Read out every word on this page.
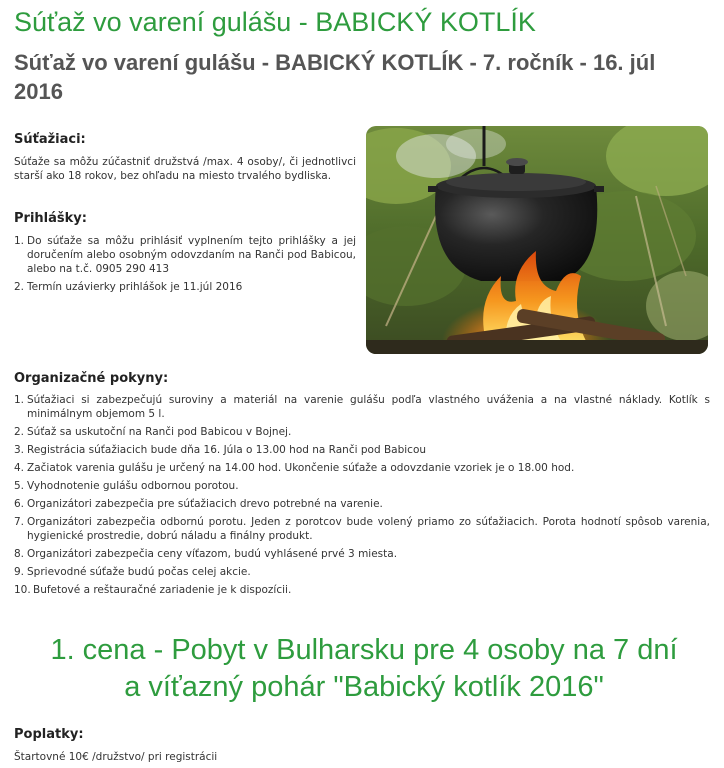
Súťaž vo varení gulášu - BABICKÝ KOTLÍK
Súťaž vo varení gulášu - BABICKÝ KOTLÍK - 7. ročník - 16. júl 2016
Súťažiaci:

Súťaže sa môžu zúčastniť družstvá /max. 4 osoby/, či jednotlivci starší ako 18 rokov, bez ohľadu na miesto trvalého bydliska.

Prihlášky:
1. Do súťaže sa môžu prihlásiť vyplnením tejto prihlášky a jej doručením alebo osobným odovzdaním na Ranči pod Babicou, alebo na t.č. 0905 290 413
2. Termín uzávierky prihlášok je 11.júl 2016
Organizačné pokyny:
1. Súťažiaci si zabezpečujú suroviny a materiál na varenie gulášu podľa vlastného uváženia a na vlastné náklady. Kotlík s minimálnym objemom 5 l.
2. Súťaž sa uskutoční na Ranči pod Babicou v Bojnej.
3. Registrácia súťažiacich bude dňa 16. Júla o 13.00 hod na Ranči pod Babicou
4. Začiatok varenia gulášu je určený na 14.00 hod. Ukončenie súťaže a odovzdanie vzoriek je o 18.00 hod.
5. Vyhodnotenie gulášu odbornou porotou.
6. Organizátori zabezpečia pre súťažiacich drevo potrebné na varenie.
7. Organizátori zabezpečia odbornú porotu. Jeden z porotcov bude volený priamo zo súťažiacich. Porota hodnotí spôsob varenia, hygienické prostredie, dobrú náladu a finálny produkt.
8. Organizátori zabezpečia ceny víťazom, budú vyhlásené prvé 3 miesta.
9. Sprievodné súťaže budú počas celej akcie.
10. Bufetové a reštauračné zariadenie je k dispozícii.
1. cena - Pobyt v Bulharsku pre 4 osoby na 7 dní
a víťazný pohár "Babický kotlík 2016"
Poplatky:

Štartovné 10€ /družstvo/ pri registrácii
